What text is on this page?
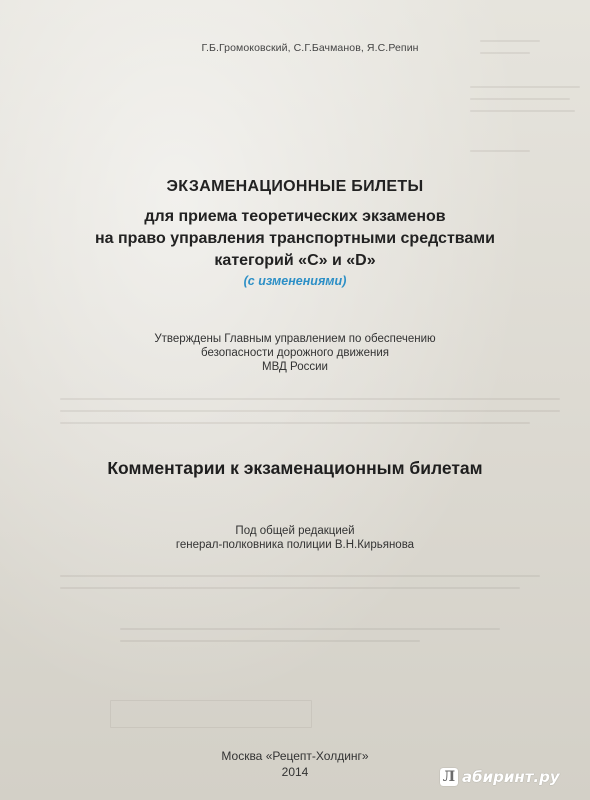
Г.Б.Громоковский, С.Г.Бачманов, Я.С.Репин
ЭКЗАМЕНАЦИОННЫЕ БИЛЕТЫ
для приема теоретических экзаменов
на право управления транспортными средствами
категорий «С» и «D»
(с изменениями)
Утверждены Главным управлением по обеспечению
безопасности дорожного движения
МВД России
Комментарии к экзаменационным билетам
Под общей редакцией
генерал-полковника полиции В.Н.Кирьянова
Москва «Рецепт-Холдинг»
2014	Л абиринт.ру
